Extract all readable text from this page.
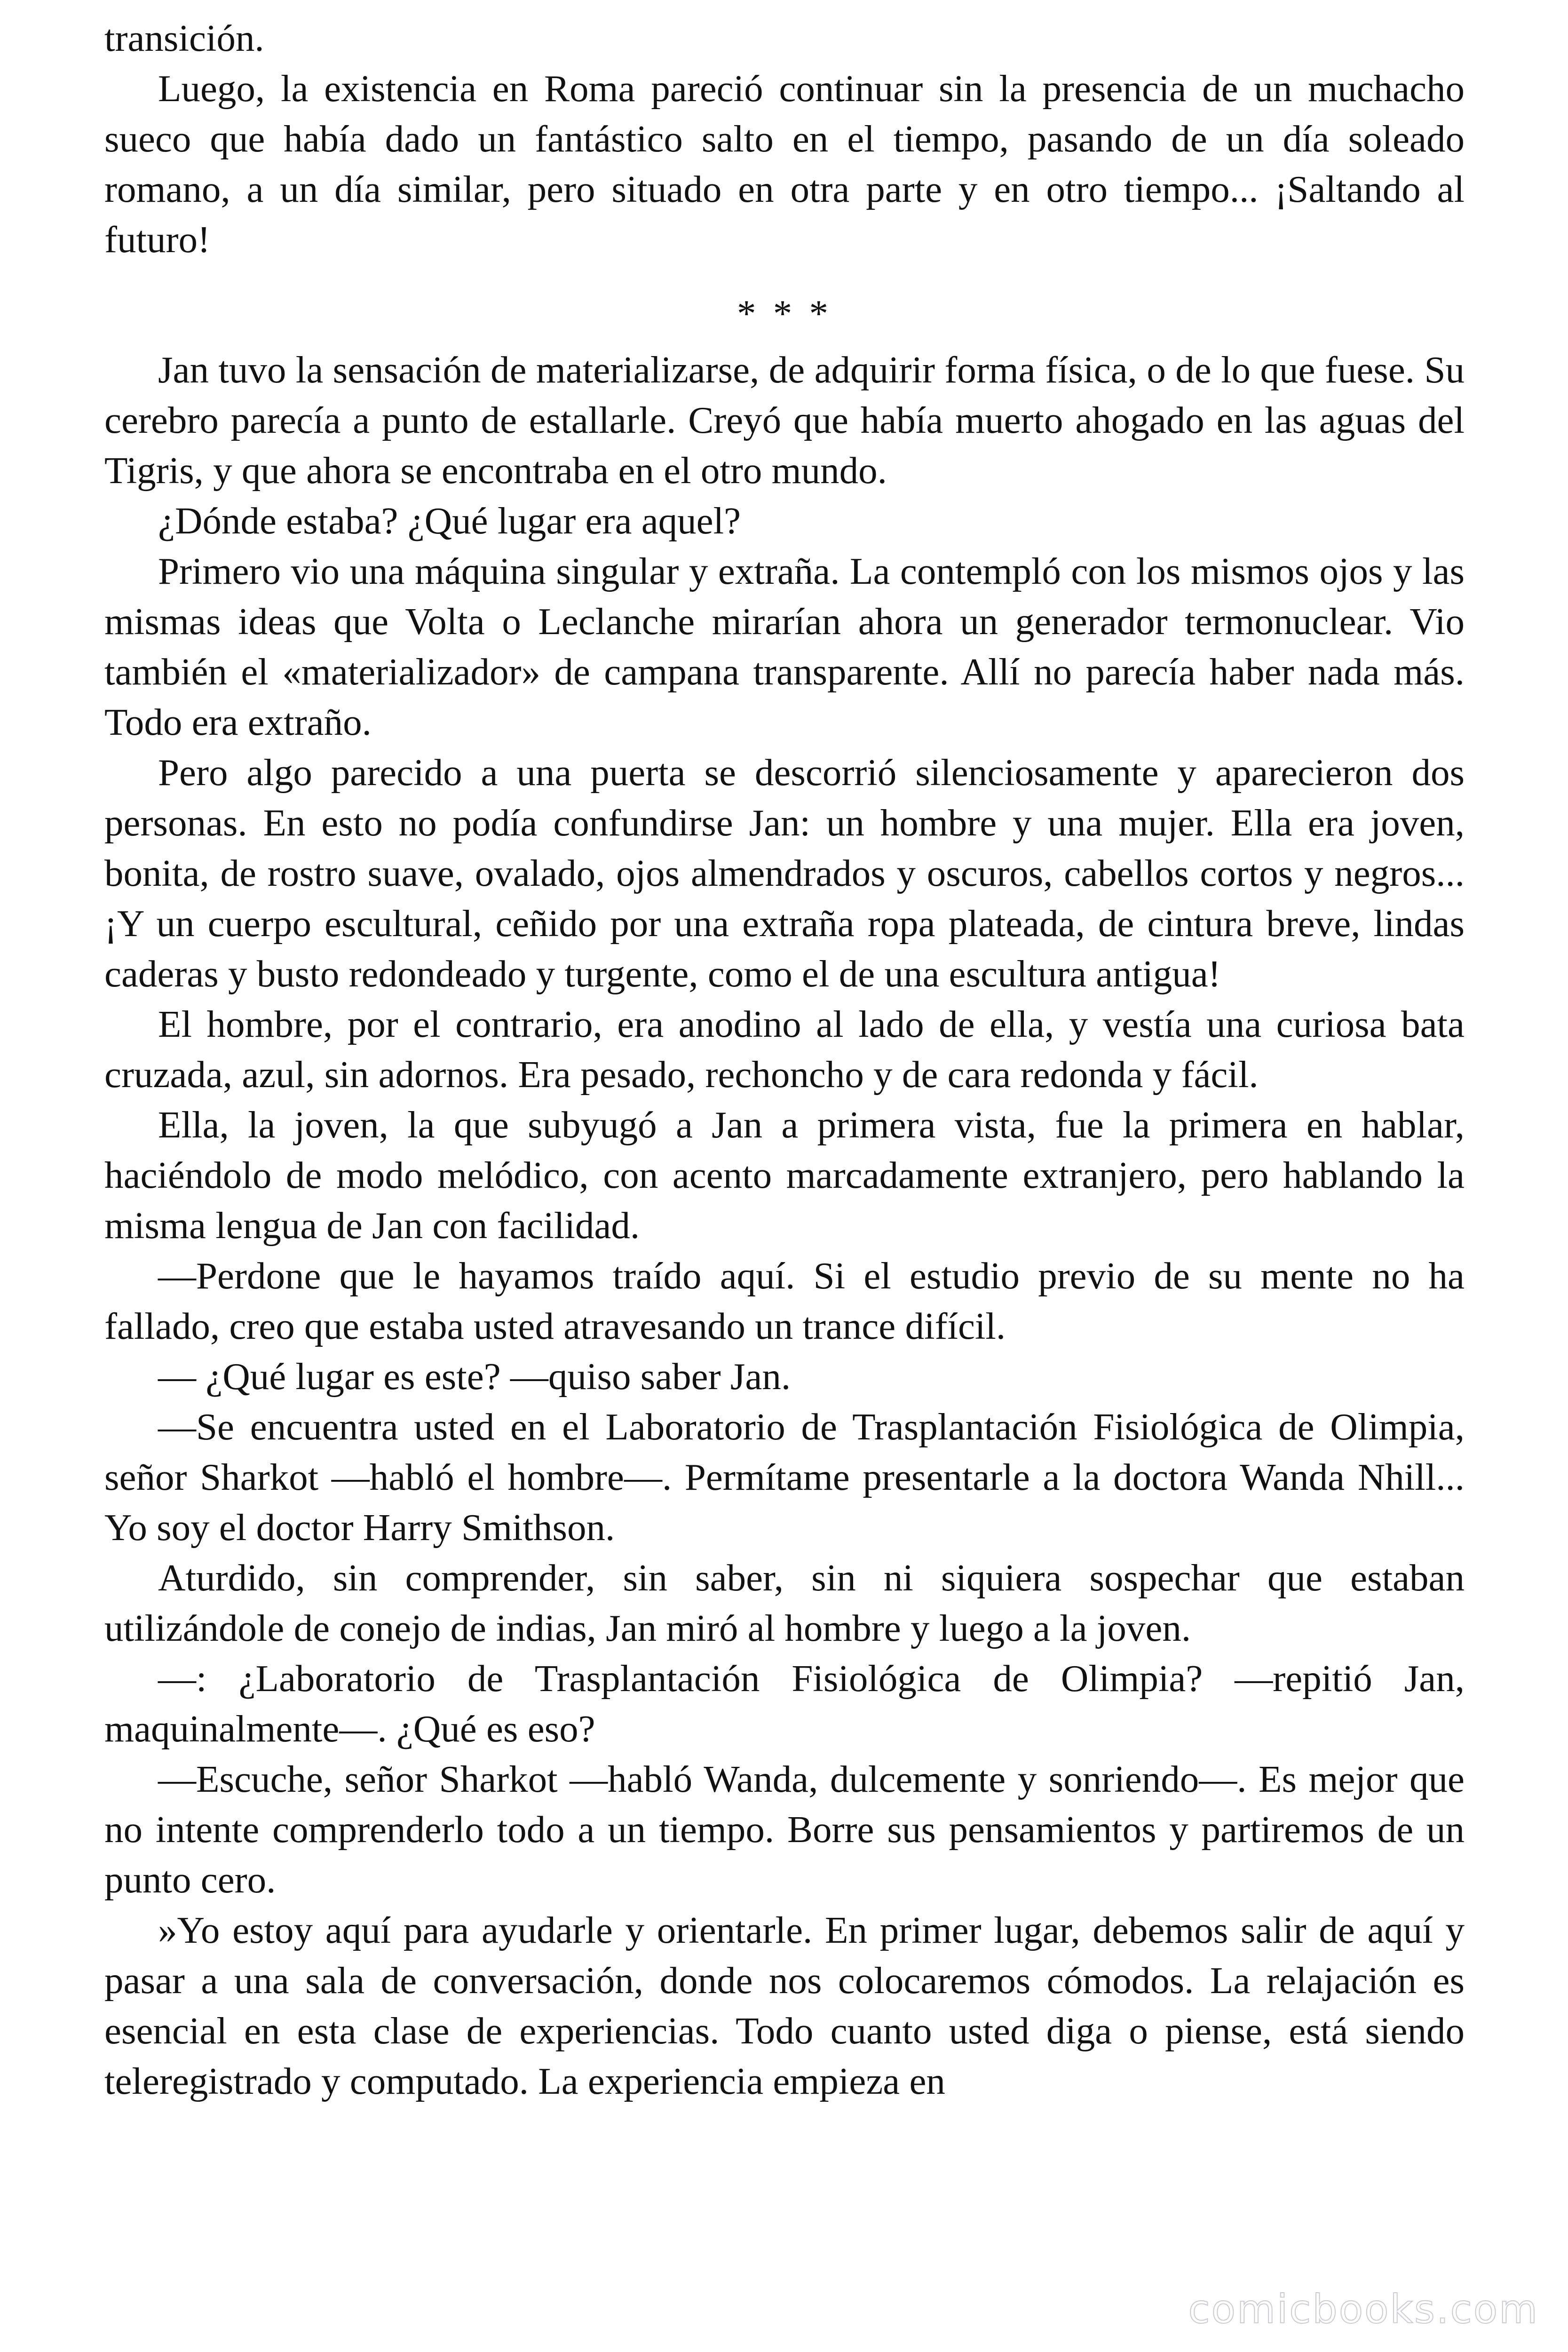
transición.

Luego, la existencia en Roma pareció continuar sin la presencia de un muchacho sueco que había dado un fantástico salto en el tiempo, pasando de un día soleado romano, a un día similar, pero situado en otra parte y en otro tiempo... ¡Saltando al futuro!

* * *

Jan tuvo la sensación de materializarse, de adquirir forma física, o de lo que fuese. Su cerebro parecía a punto de estallarle. Creyó que había muerto ahogado en las aguas del Tigris, y que ahora se encontraba en el otro mundo.

¿Dónde estaba? ¿Qué lugar era aquel?

Primero vio una máquina singular y extraña. La contempló con los mismos ojos y las mismas ideas que Volta o Leclanche mirarían ahora un generador termonuclear. Vio también el «materializador» de campana transparente. Allí no parecía haber nada más. Todo era extraño.

Pero algo parecido a una puerta se descorrió silenciosamente y aparecieron dos personas. En esto no podía confundirse Jan: un hombre y una mujer. Ella era joven, bonita, de rostro suave, ovalado, ojos almendrados y oscuros, cabellos cortos y negros... ¡Y un cuerpo escultural, ceñido por una extraña ropa plateada, de cintura breve, lindas caderas y busto redondeado y turgente, como el de una escultura antigua!

El hombre, por el contrario, era anodino al lado de ella, y vestía una curiosa bata cruzada, azul, sin adornos. Era pesado, rechoncho y de cara redonda y fácil.

Ella, la joven, la que subyugó a Jan a primera vista, fue la primera en hablar, haciéndolo de modo melódico, con acento marcadamente extranjero, pero hablando la misma lengua de Jan con facilidad.

—Perdone que le hayamos traído aquí. Si el estudio previo de su mente no ha fallado, creo que estaba usted atravesando un trance difícil.

— ¿Qué lugar es este? —quiso saber Jan.

—Se encuentra usted en el Laboratorio de Trasplantación Fisiológica de Olimpia, señor Sharkot —habló el hombre—. Permítame presentarle a la doctora Wanda Nhill... Yo soy el doctor Harry Smithson.

Aturdido, sin comprender, sin saber, sin ni siquiera sospechar que estaban utilizándole de conejo de indias, Jan miró al hombre y luego a la joven.

—: ¿Laboratorio de Trasplantación Fisiológica de Olimpia? —repitió Jan, maquinalmente—. ¿Qué es eso?

—Escuche, señor Sharkot —habló Wanda, dulcemente y sonriendo—. Es mejor que no intente comprenderlo todo a un tiempo. Borre sus pensamientos y partiremos de un punto cero.

»Yo estoy aquí para ayudarle y orientarle. En primer lugar, debemos salir de aquí y pasar a una sala de conversación, donde nos colocaremos cómodos. La relajación es esencial en esta clase de experiencias. Todo cuanto usted diga o piense, está siendo teleregistrado y computado. La experiencia empieza en

comicbooks.com
